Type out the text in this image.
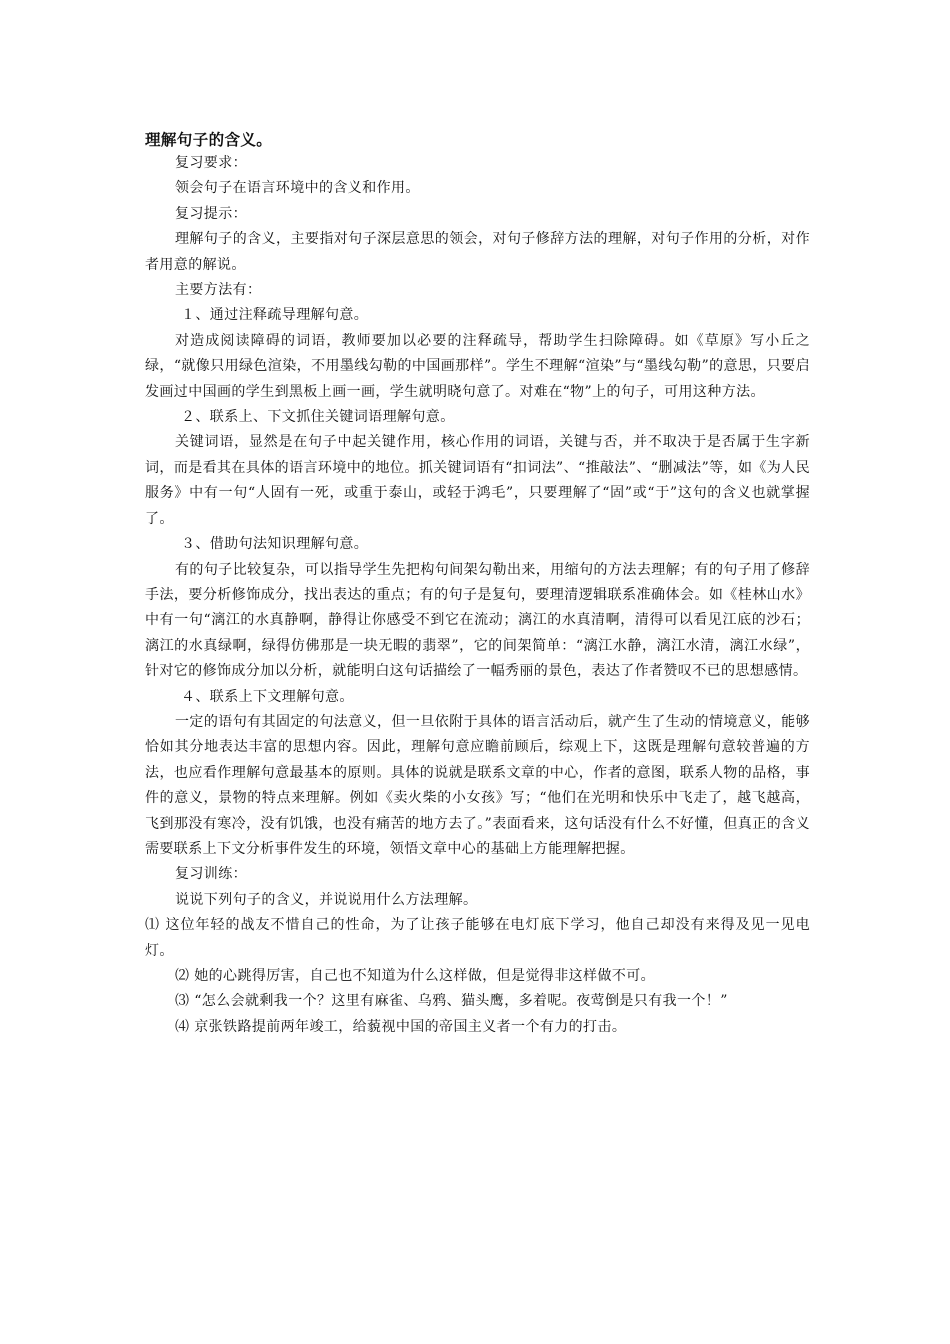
理解句子的含义。

复习要求：

领会句子在语言环境中的含义和作用。

复习提示：

理解句子的含义，主要指对句子深层意思的领会，对句子修辞方法的理解，对句子作用的分析，对作者用意的解说。

主要方法有：

１、通过注释疏导理解句意。

对造成阅读障碍的词语，教师要加以必要的注释疏导，帮助学生扫除障碍。如《草原》写小丘之绿，“就像只用绿色渲染，不用墨线勾勒的中国画那样”。学生不理解“渲染”与“墨线勾勒”的意思，只要启发画过中国画的学生到黑板上画一画，学生就明晓句意了。对难在“物”上的句子，可用这种方法。

２、联系上、下文抓住关键词语理解句意。

关键词语，显然是在句子中起关键作用，核心作用的词语，关键与否，并不取决于是否属于生字新词，而是看其在具体的语言环境中的地位。抓关键词语有“扣词法”、“推敲法”、“删减法”等，如《为人民服务》中有一句“人固有一死，或重于泰山，或轻于鸿毛”，只要理解了“固”或“于”这句的含义也就掌握了。

３、借助句法知识理解句意。

有的句子比较复杂，可以指导学生先把构句间架勾勒出来，用缩句的方法去理解；有的句子用了修辞手法，要分析修饰成分，找出表达的重点；有的句子是复句，要理清逻辑联系准确体会。如《桂林山水》中有一句“漓江的水真静啊，静得让你感受不到它在流动；漓江的水真清啊，清得可以看见江底的沙石；漓江的水真绿啊，绿得仿佛那是一块无暇的翡翠”，它的间架简单：“漓江水静，漓江水清，漓江水绿”，针对它的修饰成分加以分析，就能明白这句话描绘了一幅秀丽的景色，表达了作者赞叹不已的思想感情。

４、联系上下文理解句意。

一定的语句有其固定的句法意义，但一旦依附于具体的语言活动后，就产生了生动的情境意义，能够恰如其分地表达丰富的思想内容。因此，理解句意应瞻前顾后，综观上下，这既是理解句意较普遍的方法，也应看作理解句意最基本的原则。具体的说就是联系文章的中心，作者的意图，联系人物的品格，事件的意义，景物的特点来理解。例如《卖火柴的小女孩》写；“他们在光明和快乐中飞走了，越飞越高，飞到那没有寒冷，没有饥饿，也没有痛苦的地方去了。”表面看来，这句话没有什么不好懂，但真正的含义需要联系上下文分析事件发生的环境，领悟文章中心的基础上方能理解把握。

复习训练：

说说下列句子的含义，并说说用什么方法理解。

⑴ 这位年轻的战友不惜自己的性命，为了让孩子能够在电灯底下学习，他自己却没有来得及见一见电灯。

⑵ 她的心跳得厉害，自己也不知道为什么这样做，但是觉得非这样做不可。

⑶ “怎么会就剩我一个？这里有麻雀、乌鸦、猫头鹰，多着呢。夜莺倒是只有我一个！”

⑷ 京张铁路提前两年竣工，给藐视中国的帝国主义者一个有力的打击。
